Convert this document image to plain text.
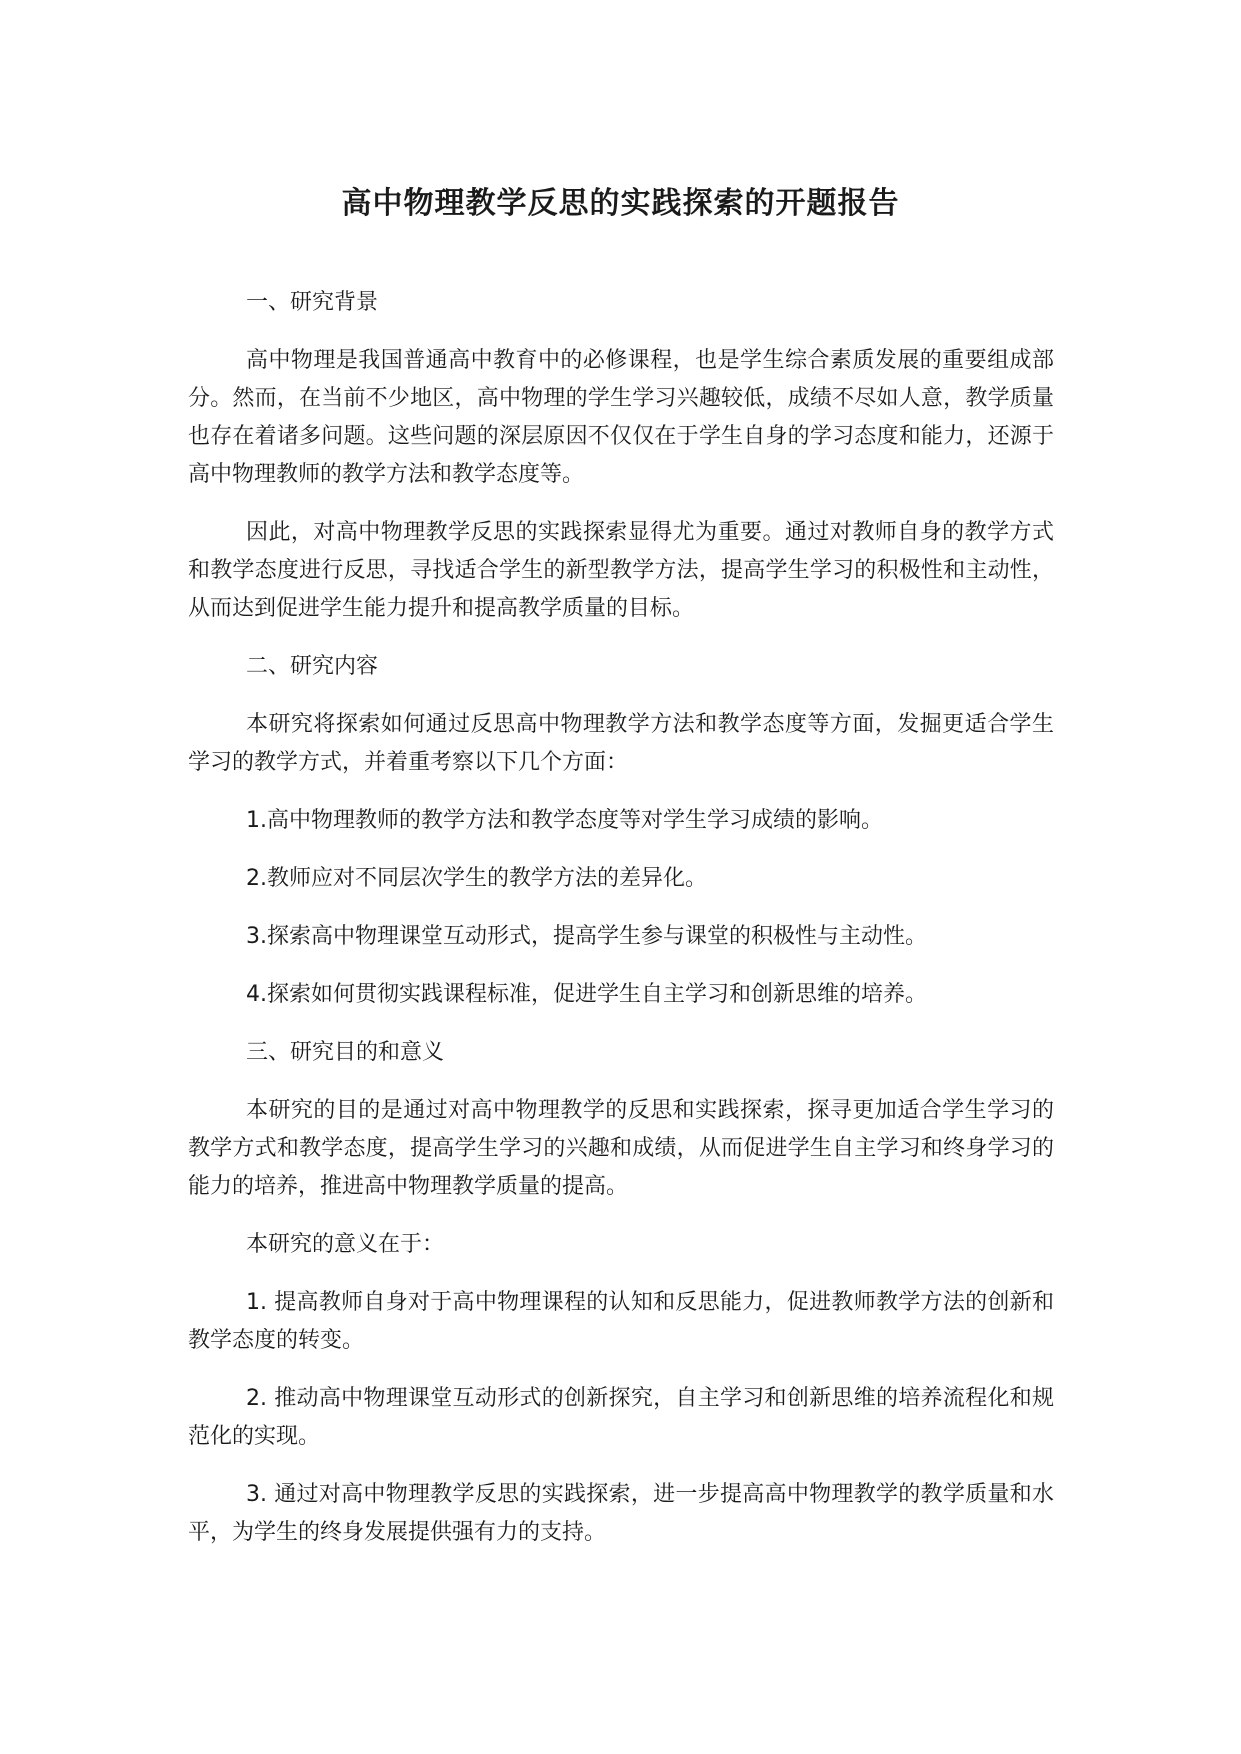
高中物理教学反思的实践探索的开题报告

一、研究背景

高中物理是我国普通高中教育中的必修课程，也是学生综合素质发展的重要组成部分。然而，在当前不少地区，高中物理的学生学习兴趣较低，成绩不尽如人意，教学质量也存在着诸多问题。这些问题的深层原因不仅仅在于学生自身的学习态度和能力，还源于高中物理教师的教学方法和教学态度等。

因此，对高中物理教学反思的实践探索显得尤为重要。通过对教师自身的教学方式和教学态度进行反思，寻找适合学生的新型教学方法，提高学生学习的积极性和主动性，从而达到促进学生能力提升和提高教学质量的目标。

二、研究内容

本研究将探索如何通过反思高中物理教学方法和教学态度等方面，发掘更适合学生学习的教学方式，并着重考察以下几个方面：

1.高中物理教师的教学方法和教学态度等对学生学习成绩的影响。

2.教师应对不同层次学生的教学方法的差异化。

3.探索高中物理课堂互动形式，提高学生参与课堂的积极性与主动性。

4.探索如何贯彻实践课程标准，促进学生自主学习和创新思维的培养。

三、研究目的和意义

本研究的目的是通过对高中物理教学的反思和实践探索，探寻更加适合学生学习的教学方式和教学态度，提高学生学习的兴趣和成绩，从而促进学生自主学习和终身学习的能力的培养，推进高中物理教学质量的提高。

本研究的意义在于：

1. 提高教师自身对于高中物理课程的认知和反思能力，促进教师教学方法的创新和教学态度的转变。

2. 推动高中物理课堂互动形式的创新探究，自主学习和创新思维的培养流程化和规范化的实现。

3. 通过对高中物理教学反思的实践探索，进一步提高高中物理教学的教学质量和水平，为学生的终身发展提供强有力的支持。
